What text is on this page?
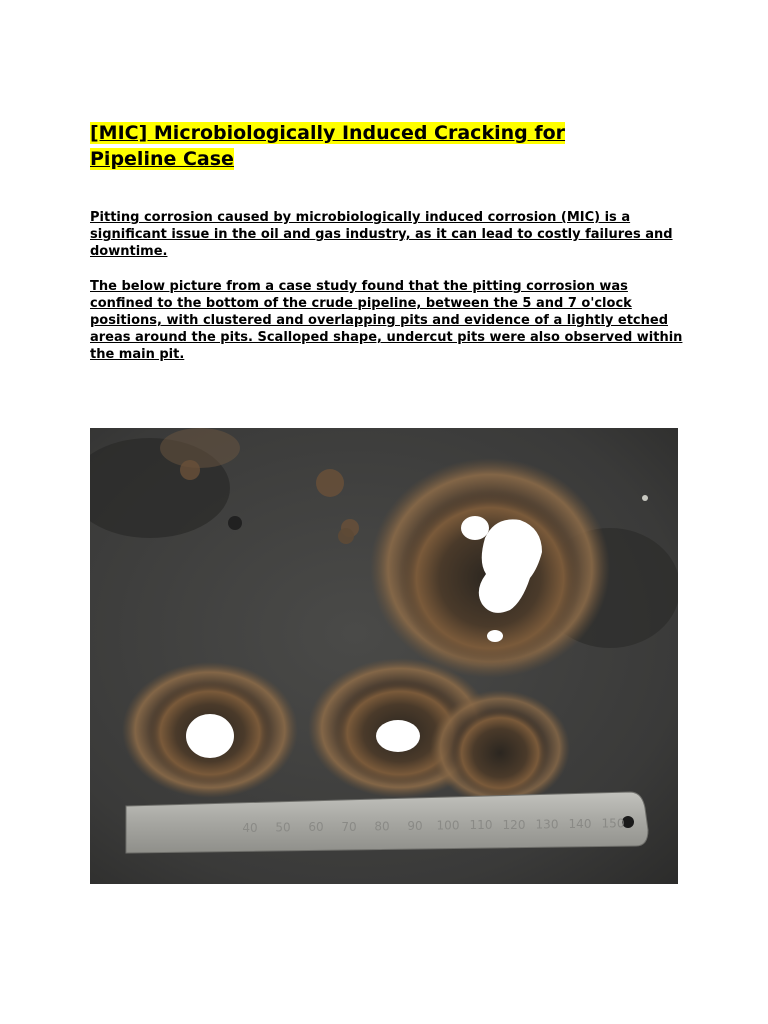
[MIC] Microbiologically Induced Cracking for Pipeline Case

Pitting corrosion caused by microbiologically induced corrosion (MIC) is a significant issue in the oil and gas industry, as it can lead to costly failures and downtime.

The below picture from a case study found that the pitting corrosion was confined to the bottom of the crude pipeline, between the 5 and 7 o'clock positions, with clustered and overlapping pits and evidence of a lightly etched areas around the pits. Scalloped shape, undercut pits were also observed within the main pit.

40 50 60 70 80 90 100 110 120 130 140 150
